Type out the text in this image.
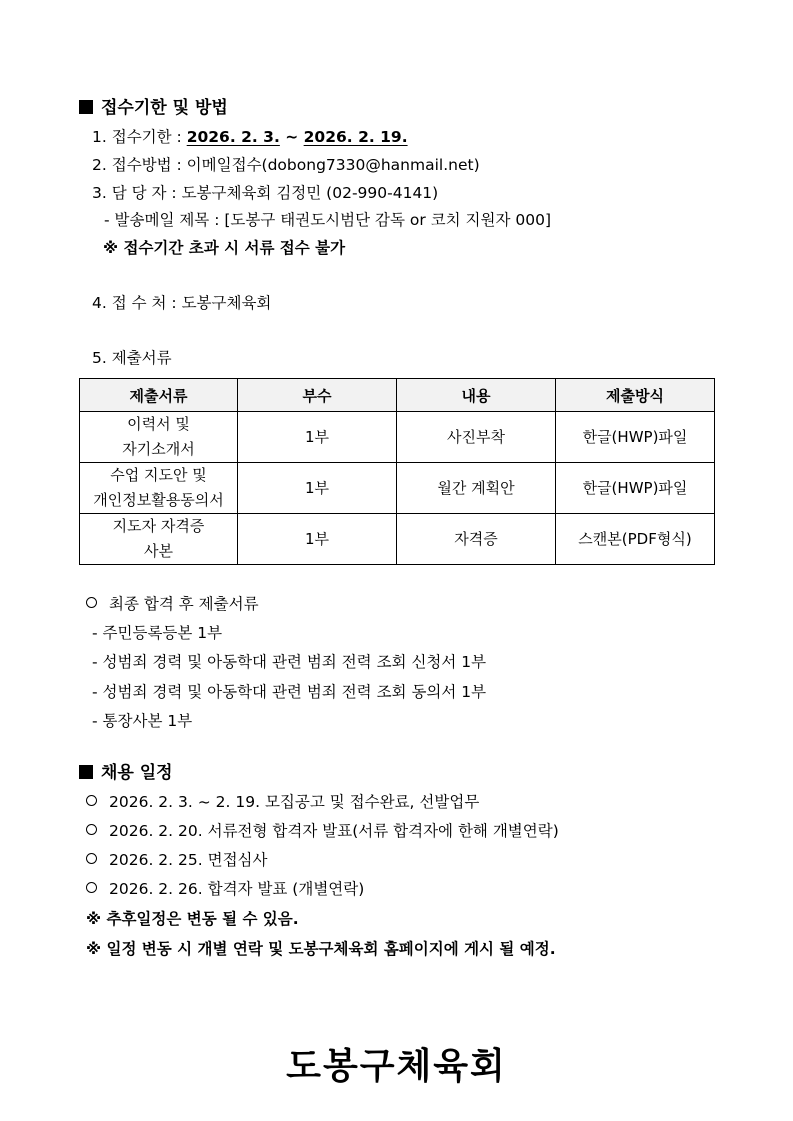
접수기한 및 방법
1. 접수기한 : 2026. 2. 3. ~ 2026. 2. 19.
2. 접수방법 : 이메일접수(dobong7330@hanmail.net)
3. 담 당 자 : 도봉구체육회 김정민 (02-990-4141)
- 발송메일 제목 : [도봉구 태권도시범단 감독 or 코치 지원자 000]
※ 접수기간 초과 시 서류 접수 불가
4. 접 수 처 : 도봉구체육회
5. 제출서류
제출서류	부수	내용	제출방식
이력서 및
자기소개서	1부	사진부착	한글(HWP)파일
수업 지도안 및
개인정보활용동의서	1부	월간 계획안	한글(HWP)파일
지도자 자격증
사본	1부	자격증	스캔본(PDF형식)
최종 합격 후 제출서류
- 주민등록등본 1부
- 성범죄 경력 및 아동학대 관련 범죄 전력 조회 신청서 1부
- 성범죄 경력 및 아동학대 관련 범죄 전력 조회 동의서 1부
- 통장사본 1부
채용 일정
2026. 2. 3. ~ 2. 19. 모집공고 및 접수완료, 선발업무
2026. 2. 20. 서류전형 합격자 발표(서류 합격자에 한해 개별연락)
2026. 2. 25. 면접심사
2026. 2. 26. 합격자 발표 (개별연락)
※ 추후일정은 변동 될 수 있음.
※ 일정 변동 시 개별 연락 및 도봉구체육회 홈페이지에 게시 될 예정.
도봉구체육회
